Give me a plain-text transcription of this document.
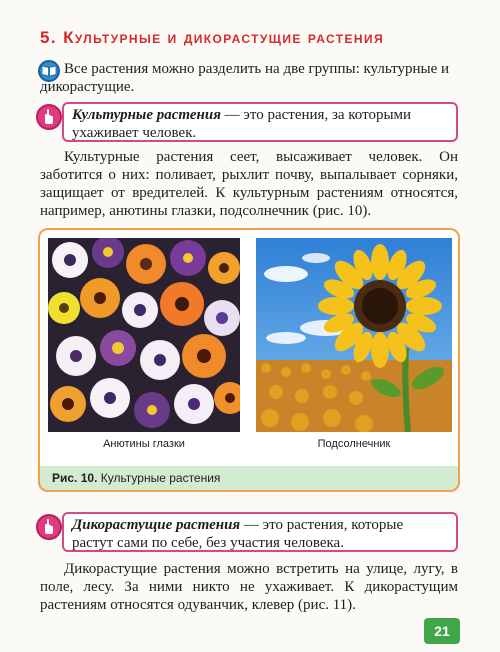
5. Культурные и дикорастущие растения

Все растения можно разделить на две группы: культурные и дикорастущие.

Культурные растения — это растения, за которыми
ухаживает человек.

Культурные растения сеет, высаживает человек. Он заботится о них: поливает, рыхлит почву, выпалывает сорняки, защищает от вредителей. К культурным растениям относятся, например, анютины глазки, подсолнечник (рис. 10).

Анютины глазки	Подсолнечник
Рис. 10. Культурные растения
Дикорастущие растения — это растения, которые
растут сами по себе, без участия человека.

Дикорастущие растения можно встретить на улице, лугу, в поле, лесу. За ними никто не ухаживает. К дикорастущим растениям относятся одуванчик, клевер (рис. 11).

21
